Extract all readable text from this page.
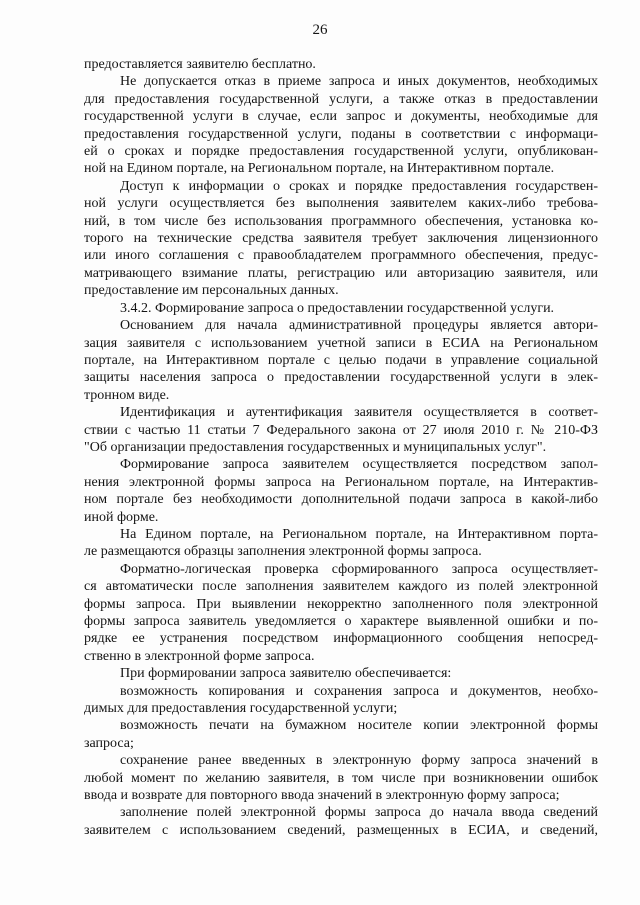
26
предоставляется заявителю бесплатно.
Не допускается отказ в приеме запроса и иных документов, необходимых
для предоставления государственной услуги, а также отказ в предоставлении
государственной услуги в случае, если запрос и документы, необходимые для
предоставления государственной услуги, поданы в соответствии с информаци-
ей о сроках и порядке предоставления государственной услуги, опубликован-
ной на Едином портале, на Региональном портале, на Интерактивном портале.
Доступ к информации о сроках и порядке предоставления государствен-
ной услуги осуществляется без выполнения заявителем каких-либо требова-
ний, в том числе без использования программного обеспечения, установка ко-
торого на технические средства заявителя требует заключения лицензионного
или иного соглашения с правообладателем программного обеспечения, предус-
матривающего взимание платы, регистрацию или авторизацию заявителя, или
предоставление им персональных данных.
3.4.2. Формирование запроса о предоставлении государственной услуги.
Основанием для начала административной процедуры является автори-
зация заявителя с использованием учетной записи в ЕСИА на Региональном
портале, на Интерактивном портале с целью подачи в управление социальной
защиты населения запроса о предоставлении государственной услуги в элек-
тронном виде.
Идентификация и аутентификация заявителя осуществляется в соответ-
ствии с частью 11 статьи 7 Федерального закона от 27 июля 2010 г. № 210-ФЗ
"Об организации предоставления государственных и муниципальных услуг".
Формирование запроса заявителем осуществляется посредством запол-
нения электронной формы запроса на Региональном портале, на Интерактив-
ном портале без необходимости дополнительной подачи запроса в какой-либо
иной форме.
На Едином портале, на Региональном портале, на Интерактивном порта-
ле размещаются образцы заполнения электронной формы запроса.
Форматно-логическая проверка сформированного запроса осуществляет-
ся автоматически после заполнения заявителем каждого из полей электронной
формы запроса. При выявлении некорректно заполненного поля электронной
формы запроса заявитель уведомляется о характере выявленной ошибки и по-
рядке ее устранения посредством информационного сообщения непосред-
ственно в электронной форме запроса.
При формировании запроса заявителю обеспечивается:
возможность копирования и сохранения запроса и документов, необхо-
димых для предоставления государственной услуги;
возможность печати на бумажном носителе копии электронной формы
запроса;
сохранение ранее введенных в электронную форму запроса значений в
любой момент по желанию заявителя, в том числе при возникновении ошибок
ввода и возврате для повторного ввода значений в электронную форму запроса;
заполнение полей электронной формы запроса до начала ввода сведений
заявителем с использованием сведений, размещенных в ЕСИА, и сведений,
